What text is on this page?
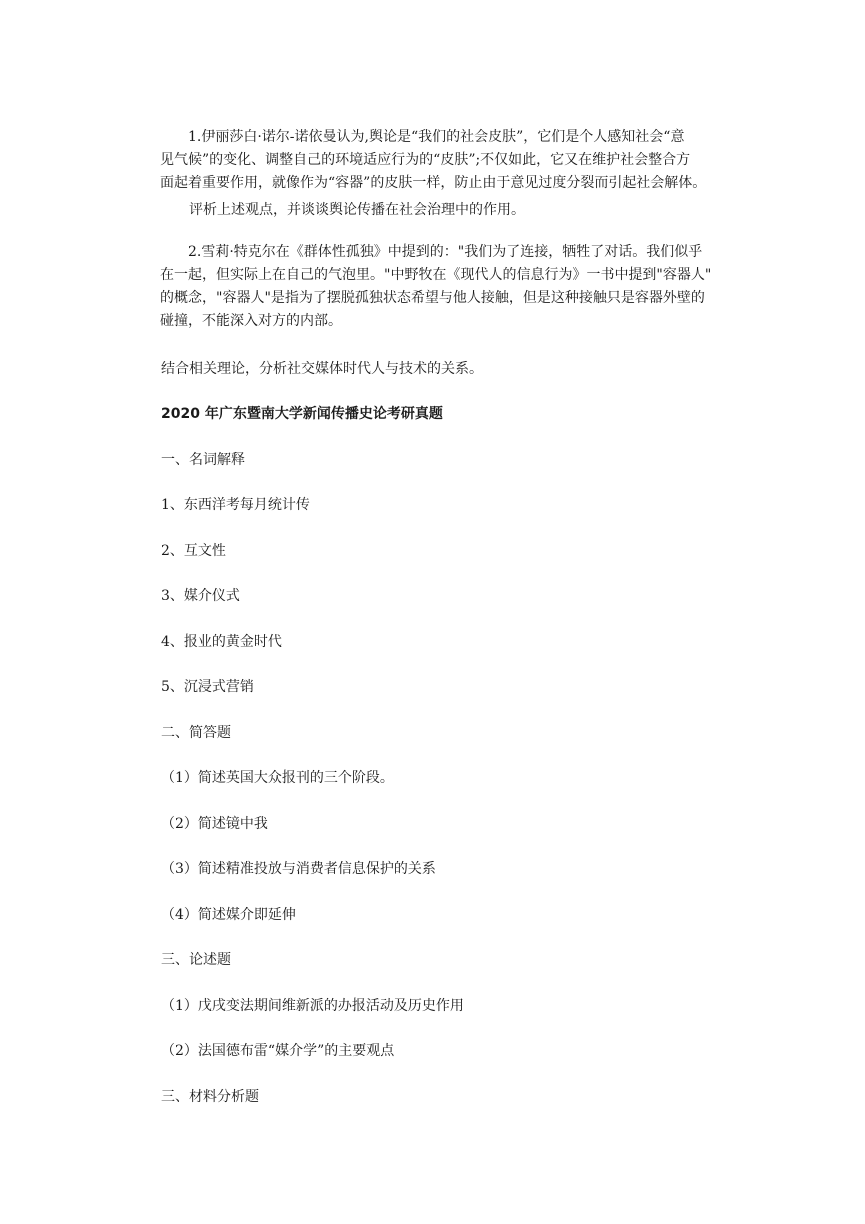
1.伊丽莎白·诺尔-诺依曼认为,舆论是“我们的社会皮肤”，它们是个人感知社会“意
见气候”的变化、调整自己的环境适应行为的“皮肤”;不仅如此，它又在维护社会整合方
面起着重要作用，就像作为“容器”的皮肤一样，防止由于意见过度分裂而引起社会解体。

评析上述观点，并谈谈舆论传播在社会治理中的作用。

2.雪莉·特克尔在《群体性孤独》中提到的："我们为了连接，牺牲了对话。我们似乎
在一起，但实际上在自己的气泡里。"中野牧在《现代人的信息行为》一书中提到"容器人"
的概念，"容器人"是指为了摆脱孤独状态希望与他人接触，但是这种接触只是容器外壁的
碰撞，不能深入对方的内部。

结合相关理论，分析社交媒体时代人与技术的关系。

2020 年广东暨南大学新闻传播史论考研真题

一、名词解释

1、东西洋考每月统计传

2、互文性

3、媒介仪式

4、报业的黄金时代

5、沉浸式营销

二、简答题

（1）简述英国大众报刊的三个阶段。

（2）简述镜中我

（3）简述精准投放与消费者信息保护的关系

（4）简述媒介即延伸

三、论述题

（1）戊戌变法期间维新派的办报活动及历史作用

（2）法国德布雷“媒介学”的主要观点

三、材料分析题
